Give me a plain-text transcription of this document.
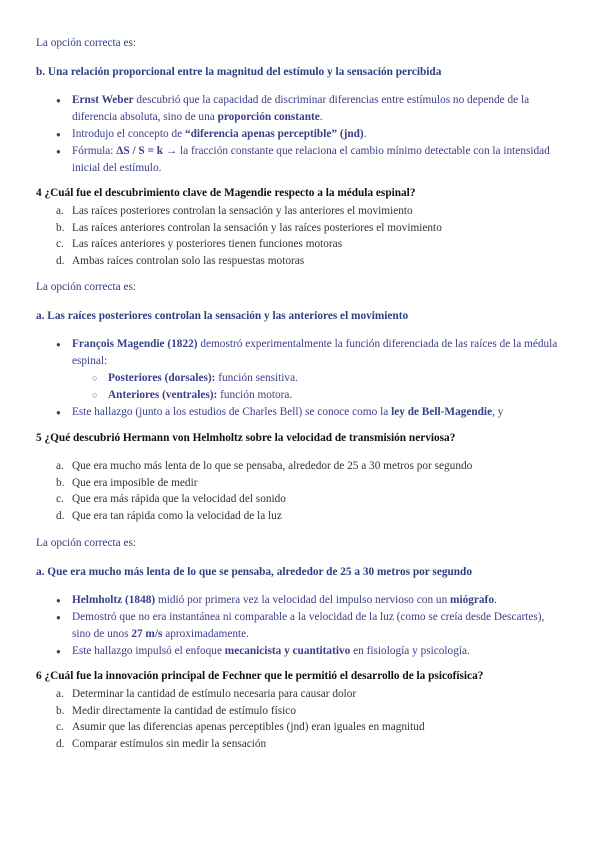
La opción correcta es:
b. Una relación proporcional entre la magnitud del estímulo y la sensación percibida
● Ernst Weber descubrió que la capacidad de discriminar diferencias entre estímulos no depende de la diferencia absoluta, sino de una proporción constante.
● Introdujo el concepto de “diferencia apenas perceptible” (jnd).
● Fórmula: ΔS / S = k → la fracción constante que relaciona el cambio mínimo detectable con la intensidad inicial del estímulo.
4 ¿Cuál fue el descubrimiento clave de Magendie respecto a la médula espinal?
a. Las raíces posteriores controlan la sensación y las anteriores el movimiento
b. Las raíces anteriores controlan la sensación y las raíces posteriores el movimiento
c. Las raíces anteriores y posteriores tienen funciones motoras
d. Ambas raíces controlan solo las respuestas motoras
La opción correcta es:
a. Las raíces posteriores controlan la sensación y las anteriores el movimiento
● François Magendie (1822) demostró experimentalmente la función diferenciada de las raíces de la médula espinal:
○ Posteriores (dorsales): función sensitiva.
○ Anteriores (ventrales): función motora.
● Este hallazgo (junto a los estudios de Charles Bell) se conoce como la ley de Bell-Magendie, y
5 ¿Qué descubrió Hermann von Helmholtz sobre la velocidad de transmisión nerviosa?
a. Que era mucho más lenta de lo que se pensaba, alrededor de 25 a 30 metros por segundo
b. Que era imposible de medir
c. Que era más rápida que la velocidad del sonido
d. Que era tan rápida como la velocidad de la luz
La opción correcta es:
a. Que era mucho más lenta de lo que se pensaba, alrededor de 25 a 30 metros por segundo
● Helmholtz (1848) midió por primera vez la velocidad del impulso nervioso con un miógrafo.
● Demostró que no era instantánea ni comparable a la velocidad de la luz (como se creía desde Descartes), sino de unos 27 m/s aproximadamente.
● Este hallazgo impulsó el enfoque mecanicista y cuantitativo en fisiología y psicología.
6 ¿Cuál fue la innovación principal de Fechner que le permitió el desarrollo de la psicofísica?
a. Determinar la cantidad de estímulo necesaria para causar dolor
b. Medir directamente la cantidad de estímulo físico
c. Asumir que las diferencias apenas perceptibles (jnd) eran iguales en magnitud
d. Comparar estímulos sin medir la sensación
